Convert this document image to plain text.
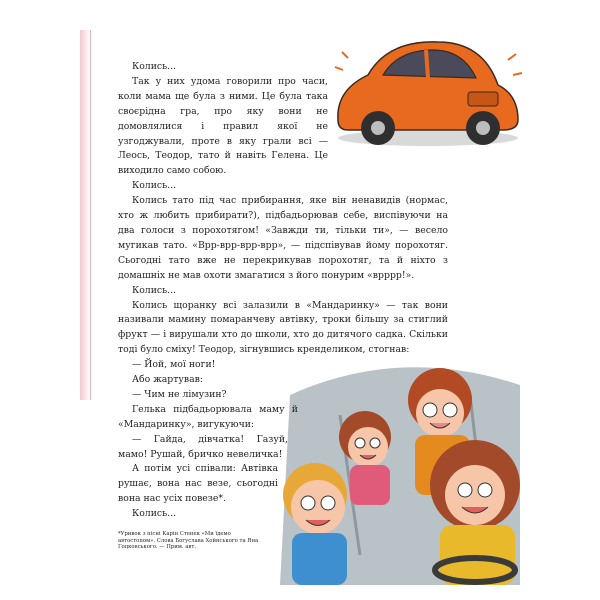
Колись...

Так у них удома говорили про часи, коли мама ще була з ними. Це була така своєрідна гра, про яку вони не домовлялися і правил якої не узгоджували, проте в яку грали всі — Леось, Теодор, тато й навіть Гелена. Це виходило само собою.

Колись...

Колись тато під час прибирання, яке він ненавидів (нормас, хто ж любить прибирати?), підбадьорював себе, виспівуючи на два голоси з порохотягом! «Завжди ти, тільки ти», — весело мугикав тато. «Врр-врр-врр-врр», — підспівував йому порохотяг. Сьогодні тато вже не перекрикував порохотяг, та й ніхто з домашніх не мав охоти змагатися з його понурим «врррр!».

Колись...

Колись щоранку всі залазили в «Мандаринку» — так вони називали мамину помаранчеву автівку, троки більшу за стиглий фрукт — і вирушали хто до школи, хто до дитячого садка. Скільки тоді було сміху! Теодор, зігнувшись кренделиком, стогнав:

— Йой, мої ноги!

Або жартував:

— Чим не лімузин?

Гелька підбадьорювала маму й «Мандаринку», вигукуючи:

— Гайда, дівчатка! Газуй, мамо! Рушай, бричко невеличка!

А потім усі співали: Автівка рушає, вона нас везе, сьогодні вона нас усіх повезе*.

Колись...

*Уривок з пісні Карін Стенек «Ми їдемо автостопом». Слова Богуслава Хойнського та Яна Гоцковського. — Прим. авт.
